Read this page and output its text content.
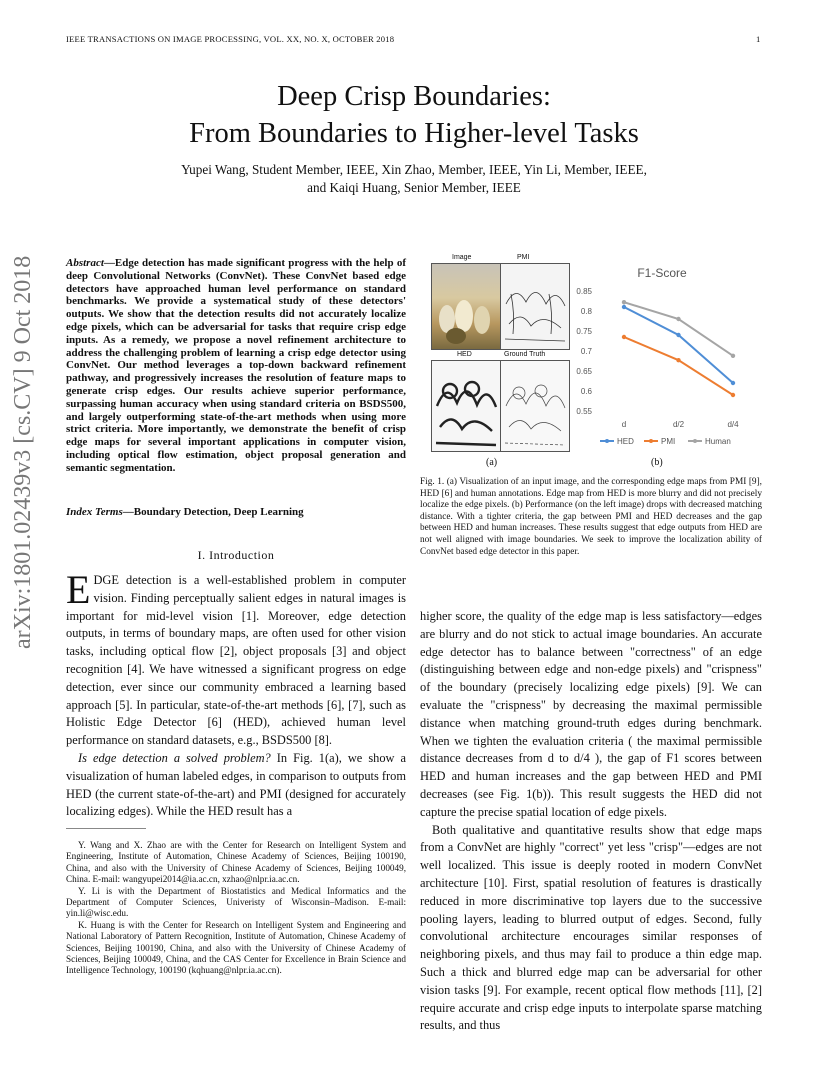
IEEE TRANSACTIONS ON IMAGE PROCESSING, VOL. XX, NO. X, OCTOBER 2018	1
Deep Crisp Boundaries:
From Boundaries to Higher-level Tasks
Yupei Wang, Student Member, IEEE, Xin Zhao, Member, IEEE, Yin Li, Member, IEEE,
and Kaiqi Huang, Senior Member, IEEE
arXiv:1801.02439v3 [cs.CV] 9 Oct 2018	Abstract—Edge detection has made significant progress with the help of deep Convolutional Networks (ConvNet). These ConvNet based edge detectors have approached human level performance on standard benchmarks. We provide a systematical study of these detectors' outputs. We show that the detection results did not accurately localize edge pixels, which can be adversarial for tasks that require crisp edge inputs. As a remedy, we propose a novel refinement architecture to address the challenging problem of learning a crisp edge detector using ConvNet. Our method leverages a top-down backward refinement pathway, and progressively increases the resolution of feature maps to generate crisp edges. Our results achieve superior performance, surpassing human accuracy when using standard criteria on BSDS500, and largely outperforming state-of-the-art methods when using more strict criteria. More importantly, we demonstrate the benefit of crisp edge maps for several important applications in computer vision, including optical flow estimation, object proposal generation and semantic segmentation.
Index Terms—Boundary Detection, Deep Learning
I. Introduction

EDGE detection is a well-established problem in computer vision. Finding perceptually salient edges in natural images is important for mid-level vision [1]. Moreover, edge detection outputs, in terms of boundary maps, are often used for other vision tasks, including optical flow [2], object proposals [3] and object recognition [4]. We have witnessed a significant progress on edge detection, ever since our community embraced a learning based approach [5]. In particular, state-of-the-art methods [6], [7], such as Holistic Edge Detector [6] (HED), achieved human level performance on standard datasets, e.g., BSDS500 [8].

Is edge detection a solved problem? In Fig. 1(a), we show a visualization of human labeled edges, in comparison to outputs from HED (the current state-of-the-art) and PMI (designed for accurately localizing edges). While the HED result has a

Y. Wang and X. Zhao are with the Center for Research on Intelligent System and Engineering, Institute of Automation, Chinese Academy of Sciences, Beijing 100190, China, and also with the University of Chinese Academy of Sciences, Beijing 100049, China. E-mail: wangyupei2014@ia.ac.cn, xzhao@nlpr.ia.ac.cn.

Y. Li is with the Department of Biostatistics and Medical Informatics and the Department of Computer Sciences, Univeristy of Wisconsin–Madison. E-mail: yin.li@wisc.edu.

K. Huang is with the Center for Research on Intelligent System and Engineering and National Laboratory of Pattern Recognition, Institute of Automation, Chinese Academy of Sciences, Beijing 100190, China, and also with the University of Chinese Academy of Sciences, Beijing 100049, China, and the CAS Center for Excellence in Brain Science and Intelligence Technology, 100190 (kqhuang@nlpr.ia.ac.cn).

Image	PMI
HED	Ground Truth
(a)
F1-Score
0.85
0.8
0.75
0.7
0.65
0.6
0.55
d	d/2	d/4
HED	PMI	Human
(b)
Fig. 1. (a) Visualization of an input image, and the corresponding edge maps from PMI [9], HED [6] and human annotations. Edge map from HED is more blurry and did not precisely localize the edge pixels. (b) Performance (on the left image) drops with decreased matching distance. With a tighter criteria, the gap between PMI and HED decreases and the gap between HED and human increases. These results suggest that edge outputs from HED are not well aligned with image boundaries. We seek to improve the localization ability of ConvNet based edge detector in this paper.

higher score, the quality of the edge map is less satisfactory—edges are blurry and do not stick to actual image boundaries. An accurate edge detector has to balance between "correctness" of an edge (distinguishing between edge and non-edge pixels) and "crispness" of the boundary (precisely localizing edge pixels) [9]. We can evaluate the "crispness" by decreasing the maximal permissible distance when matching ground-truth edges during benchmark. When we tighten the evaluation criteria ( the maximal permissible distance decreases from d to d/4 ), the gap of F1 scores between HED and human increases and the gap between HED and PMI decreases (see Fig. 1(b)). This result suggests the HED did not capture the precise spatial location of edge pixels.

Both qualitative and quantitative results show that edge maps from a ConvNet are highly "correct" yet less "crisp"—edges are not well localized. This issue is deeply rooted in modern ConvNet architecture [10]. First, spatial resolution of features is drastically reduced in more discriminative top layers due to the successive pooling layers, leading to blurred output of edges. Second, fully convolutional architecture encourages similar responses of neighboring pixels, and thus may fail to produce a thin edge map. Such a thick and blurred edge map can be adversarial for other vision tasks [9]. For example, recent optical flow methods [11], [2] require accurate and crisp edge inputs to interpolate sparse matching results, and thus
